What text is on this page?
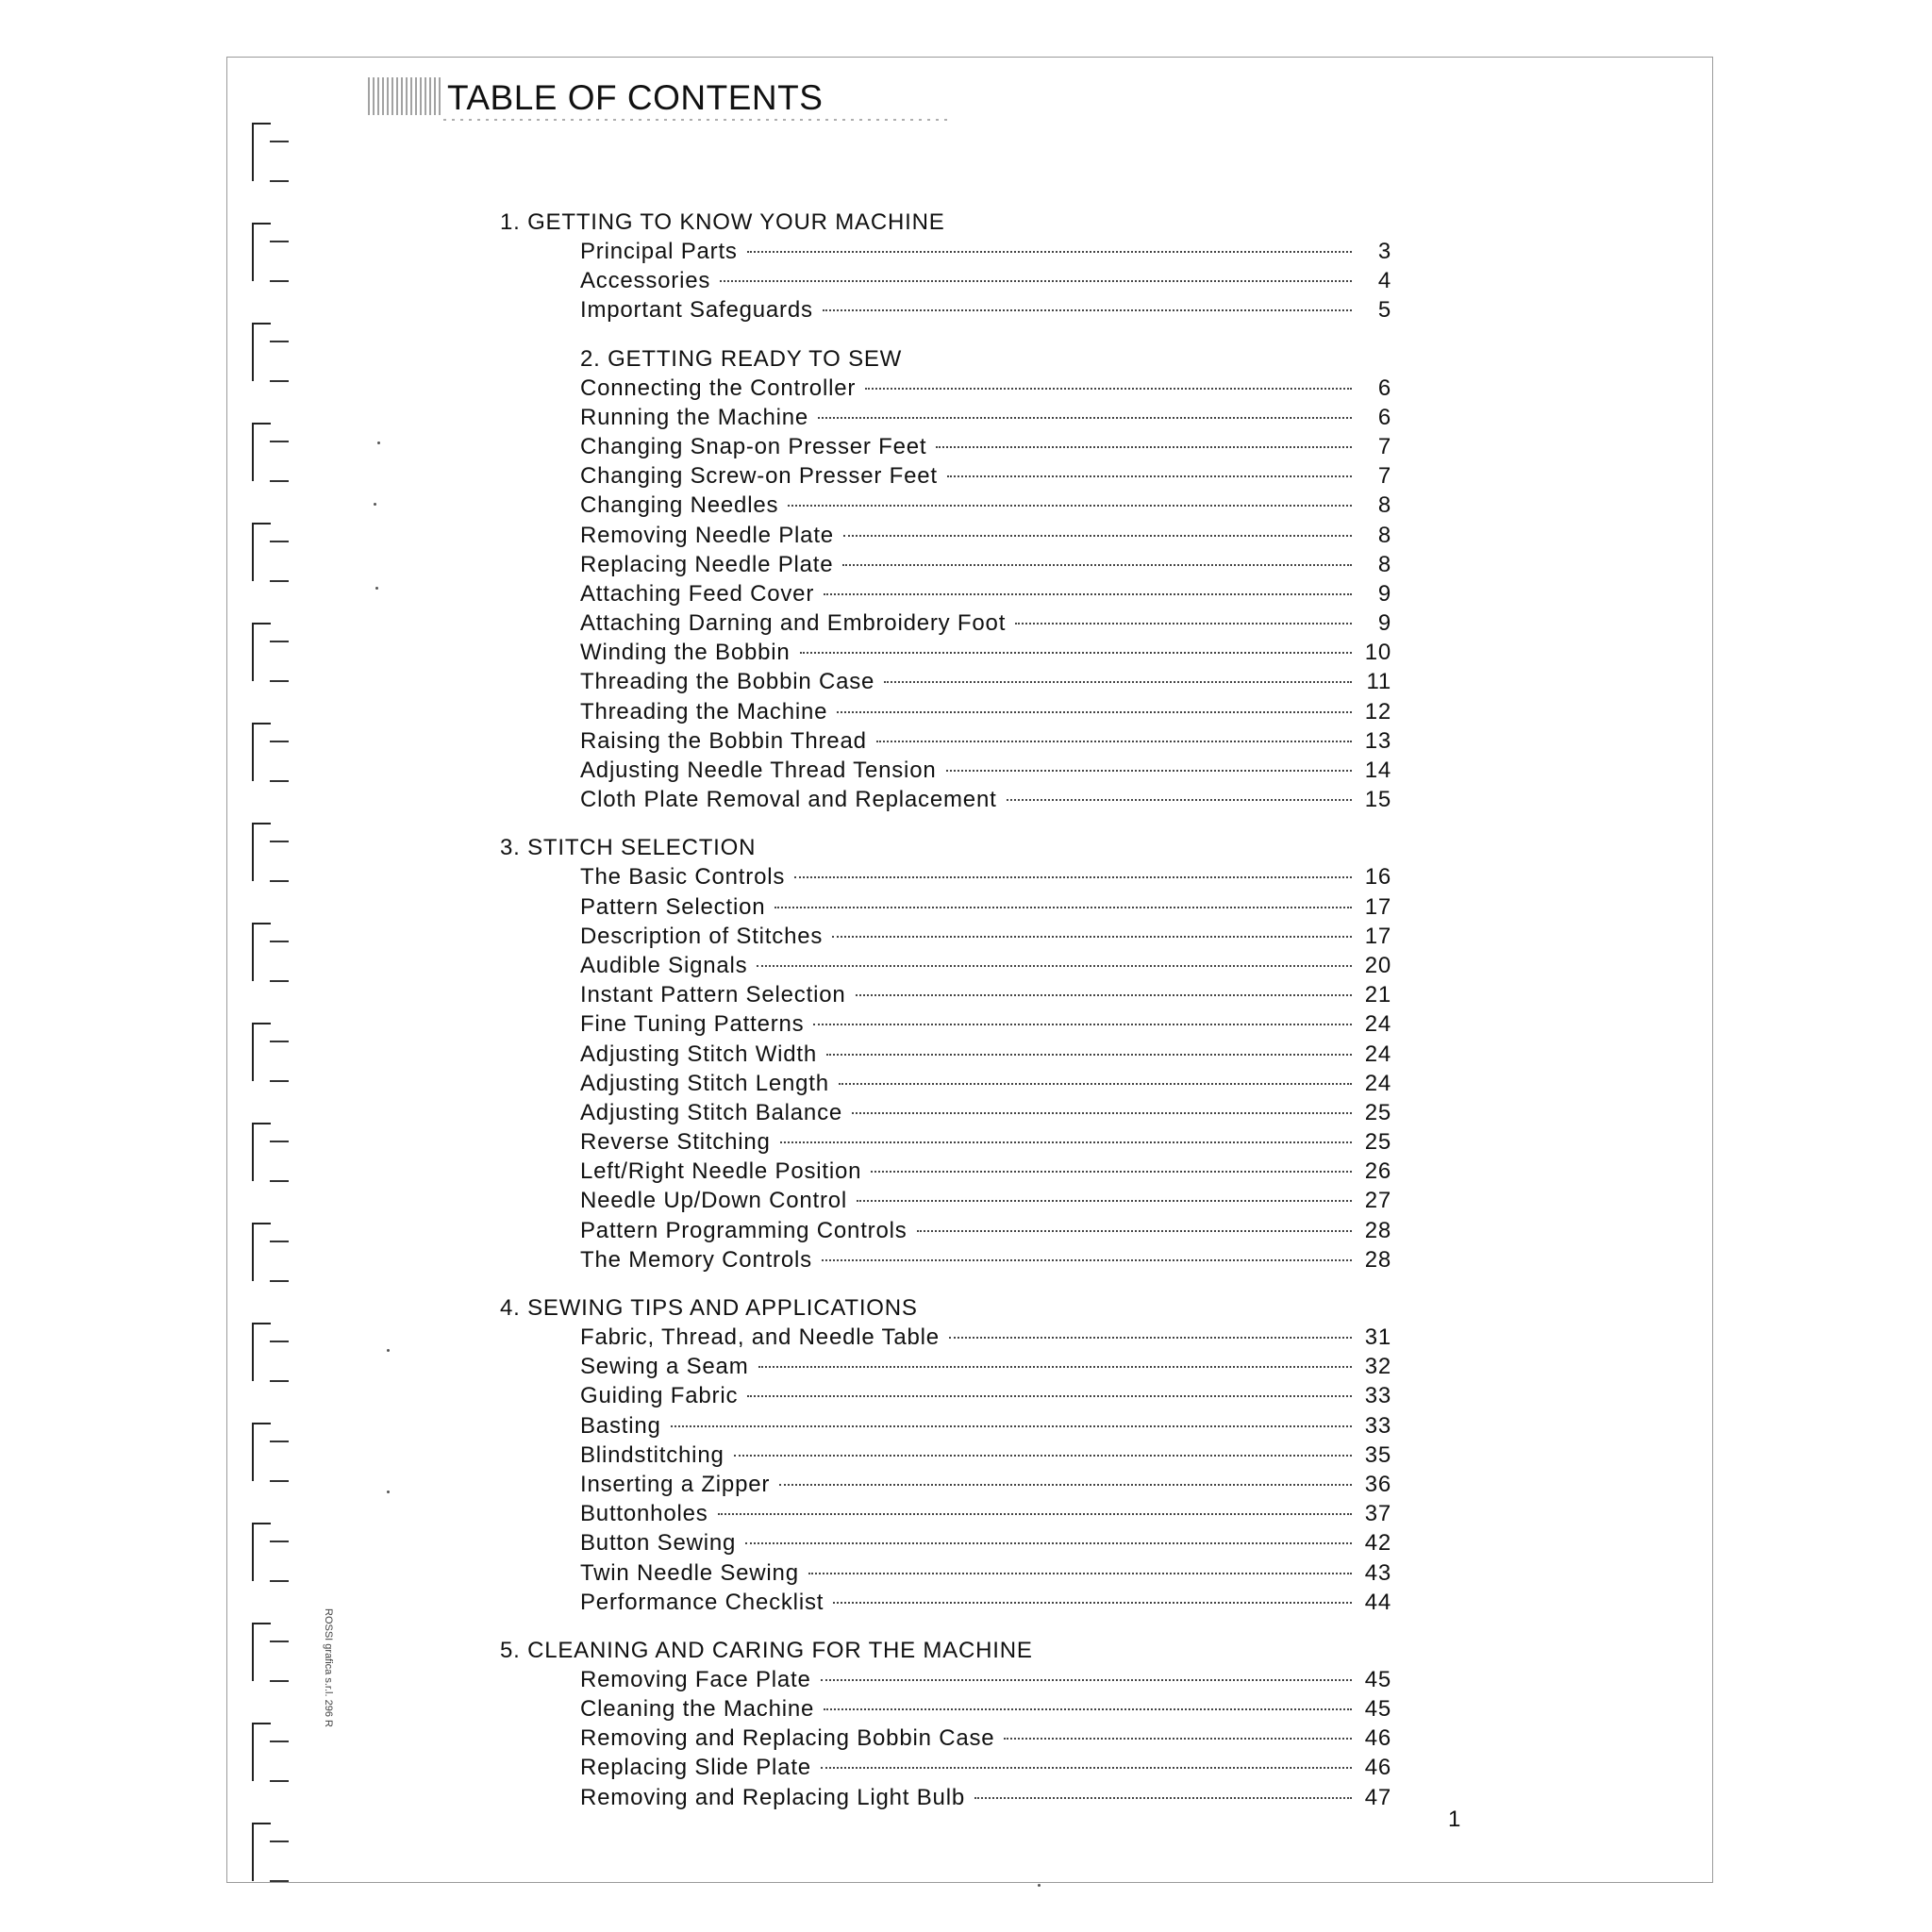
TABLE OF CONTENTS
1. GETTING TO KNOW YOUR MACHINE
Principal Parts	3
Accessories	4
Important Safeguards	5
2. GETTING READY TO SEW
Connecting the Controller	6
Running the Machine	6
Changing Snap-on Presser Feet	7
Changing Screw-on Presser Feet	7
Changing Needles	8
Removing Needle Plate	8
Replacing Needle Plate	8
Attaching Feed Cover	9
Attaching Darning and Embroidery Foot	9
Winding the Bobbin	10
Threading the Bobbin Case	11
Threading the Machine	12
Raising the Bobbin Thread	13
Adjusting Needle Thread Tension	14
Cloth Plate Removal and Replacement	15
3. STITCH SELECTION
The Basic Controls	16
Pattern Selection	17
Description of Stitches	17
Audible Signals	20
Instant Pattern Selection	21
Fine Tuning Patterns	24
Adjusting Stitch Width	24
Adjusting Stitch Length	24
Adjusting Stitch Balance	25
Reverse Stitching	25
Left/Right Needle Position	26
Needle Up/Down Control	27
Pattern Programming Controls	28
The Memory Controls	28
4. SEWING TIPS AND APPLICATIONS
Fabric, Thread, and Needle Table	31
Sewing a Seam	32
Guiding Fabric	33
Basting	33
Blindstitching	35
Inserting a Zipper	36
Buttonholes	37
Button Sewing	42
Twin Needle Sewing	43
Performance Checklist	44
5. CLEANING AND CARING FOR THE MACHINE
Removing Face Plate	45
Cleaning the Machine	45
Removing and Replacing Bobbin Case	46
Replacing Slide Plate	46
Removing and Replacing Light Bulb	47
ROSSI grafica s.r.l. 296 R
1
